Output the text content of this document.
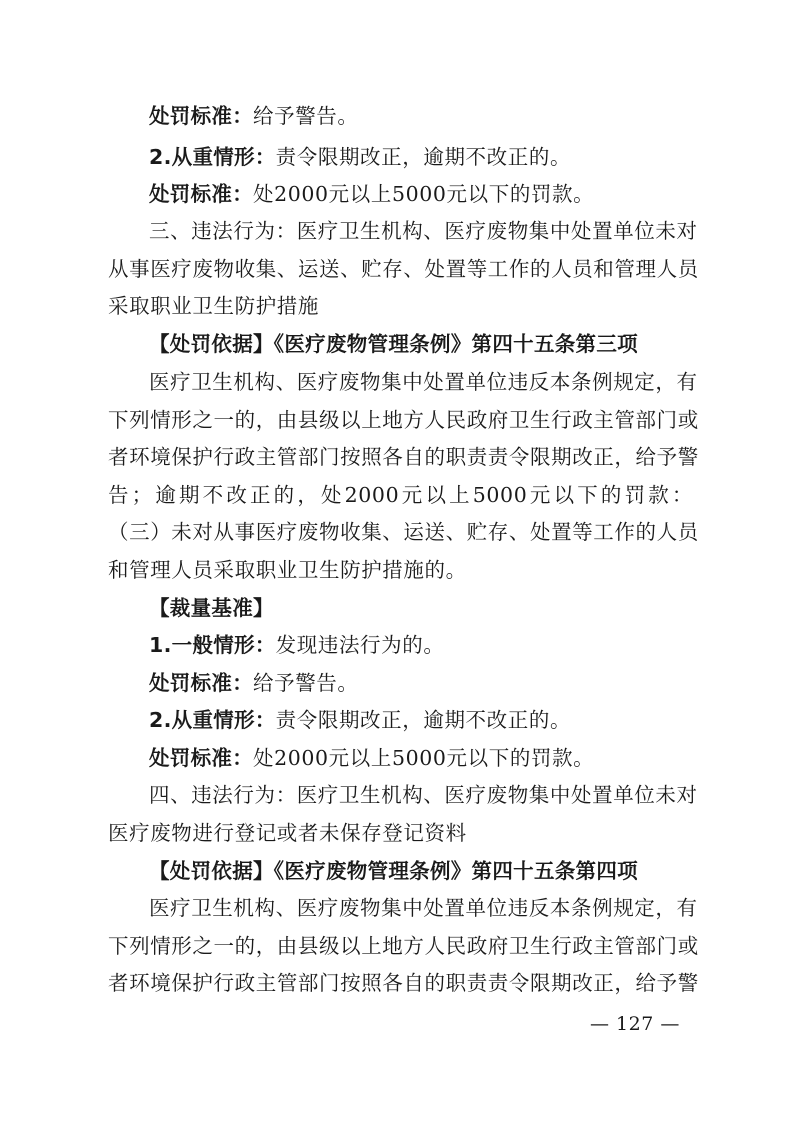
处罚标准：给予警告。
2.从重情形：责令限期改正，逾期不改正的。
处罚标准：处2000元以上5000元以下的罚款。
三、违法行为：医疗卫生机构、医疗废物集中处置单位未对
从事医疗废物收集、运送、贮存、处置等工作的人员和管理人员
采取职业卫生防护措施
【处罚依据】《医疗废物管理条例》第四十五条第三项
医疗卫生机构、医疗废物集中处置单位违反本条例规定，有
下列情形之一的，由县级以上地方人民政府卫生行政主管部门或
者环境保护行政主管部门按照各自的职责责令限期改正，给予警
告；逾期不改正的，处2000元以上5000元以下的罚款：
（三）未对从事医疗废物收集、运送、贮存、处置等工作的人员
和管理人员采取职业卫生防护措施的。
【裁量基准】
1.一般情形：发现违法行为的。
处罚标准：给予警告。
2.从重情形：责令限期改正，逾期不改正的。
处罚标准：处2000元以上5000元以下的罚款。
四、违法行为：医疗卫生机构、医疗废物集中处置单位未对
医疗废物进行登记或者未保存登记资料
【处罚依据】《医疗废物管理条例》第四十五条第四项
医疗卫生机构、医疗废物集中处置单位违反本条例规定，有
下列情形之一的，由县级以上地方人民政府卫生行政主管部门或
者环境保护行政主管部门按照各自的职责责令限期改正，给予警
— 127 —
